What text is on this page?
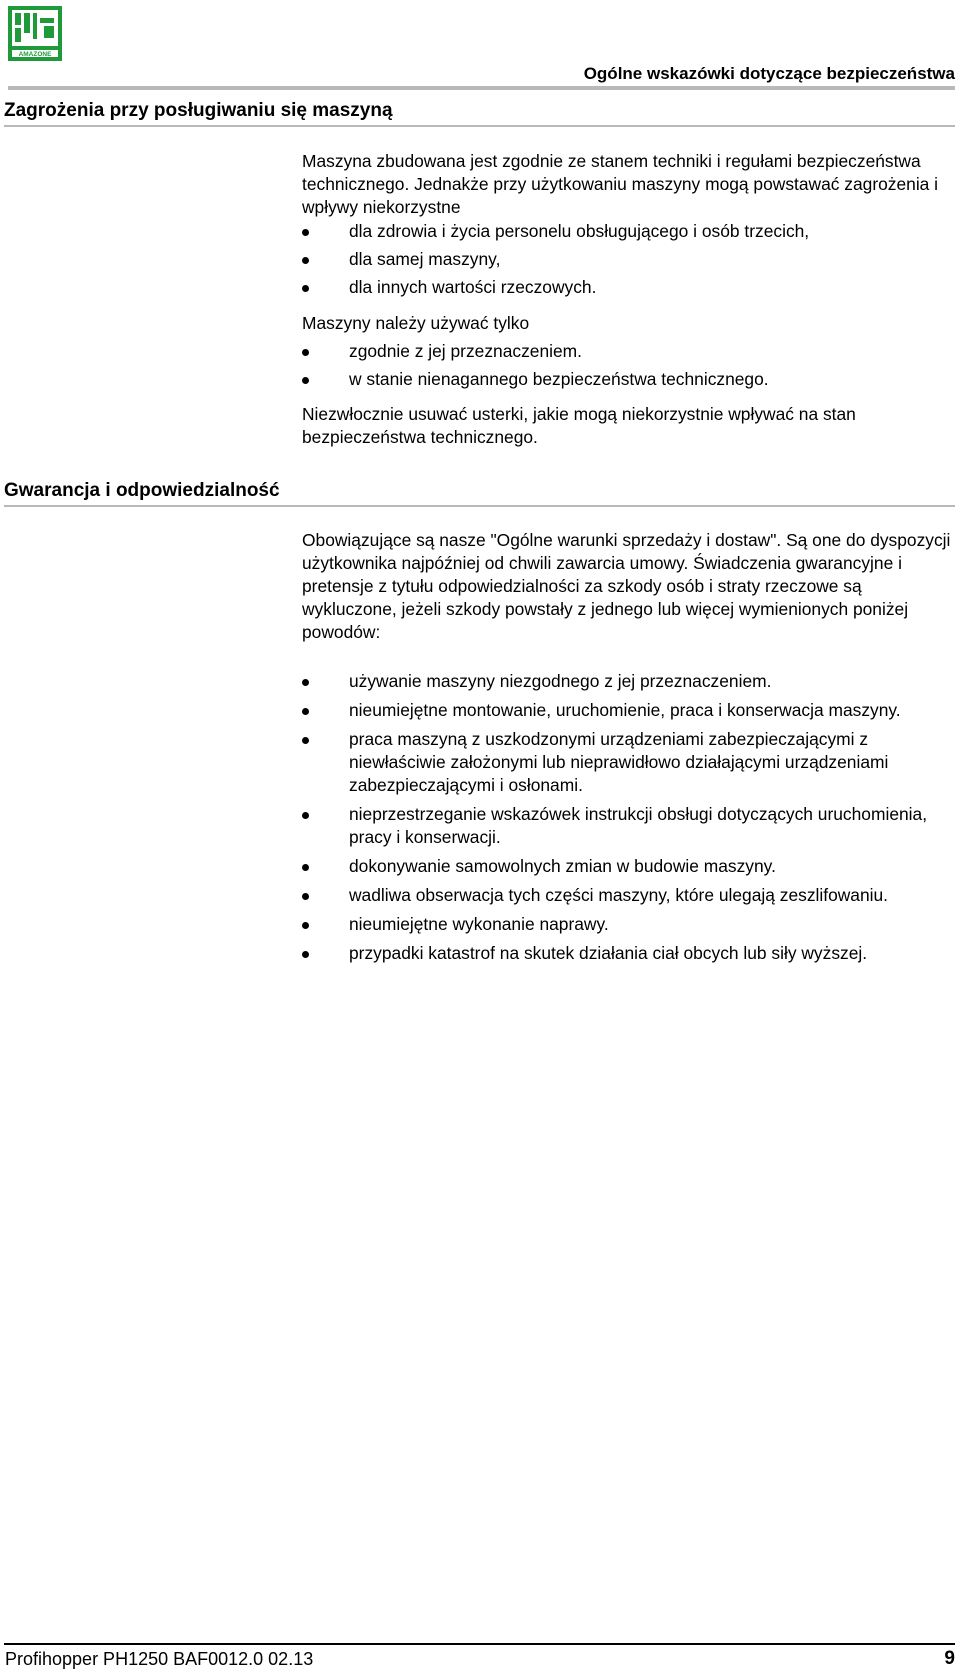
AMAZONE
Ogólne wskazówki dotyczące bezpieczeństwa
Zagrożenia przy posługiwaniu się maszyną
Maszyna zbudowana jest zgodnie ze stanem techniki i regułami bezpieczeństwa technicznego. Jednakże przy użytkowaniu maszyny mogą powstawać zagrożenia i wpływy niekorzystne
dla zdrowia i życia personelu obsługującego i osób trzecich,
dla samej maszyny,
dla innych wartości rzeczowych.
Maszyny należy używać tylko
zgodnie z jej przeznaczeniem.
w stanie nienagannego bezpieczeństwa technicznego.
Niezwłocznie usuwać usterki, jakie mogą niekorzystnie wpływać na stan bezpieczeństwa technicznego.
Gwarancja i odpowiedzialność
Obowiązujące są nasze "Ogólne warunki sprzedaży i dostaw". Są one do dyspozycji użytkownika najpóźniej od chwili zawarcia umowy. Świadczenia gwarancyjne i pretensje z tytułu odpowiedzialności za szkody osób i straty rzeczowe są wykluczone, jeżeli szkody powstały z jednego lub więcej wymienionych poniżej powodów:
używanie maszyny niezgodnego z jej przeznaczeniem.
nieumiejętne montowanie, uruchomienie, praca i konserwacja maszyny.
praca maszyną z uszkodzonymi urządzeniami zabezpieczającymi z niewłaściwie założonymi lub nieprawidłowo działającymi urządzeniami zabezpieczającymi i osłonami.
nieprzestrzeganie wskazówek instrukcji obsługi dotyczących uruchomienia, pracy i konserwacji.
dokonywanie samowolnych zmian w budowie maszyny.
wadliwa obserwacja tych części maszyny, które ulegają zeszlifowaniu.
nieumiejętne wykonanie naprawy.
przypadki katastrof na skutek działania ciał obcych lub siły wyższej.
Profihopper PH1250 BAF0012.0 02.13	9
